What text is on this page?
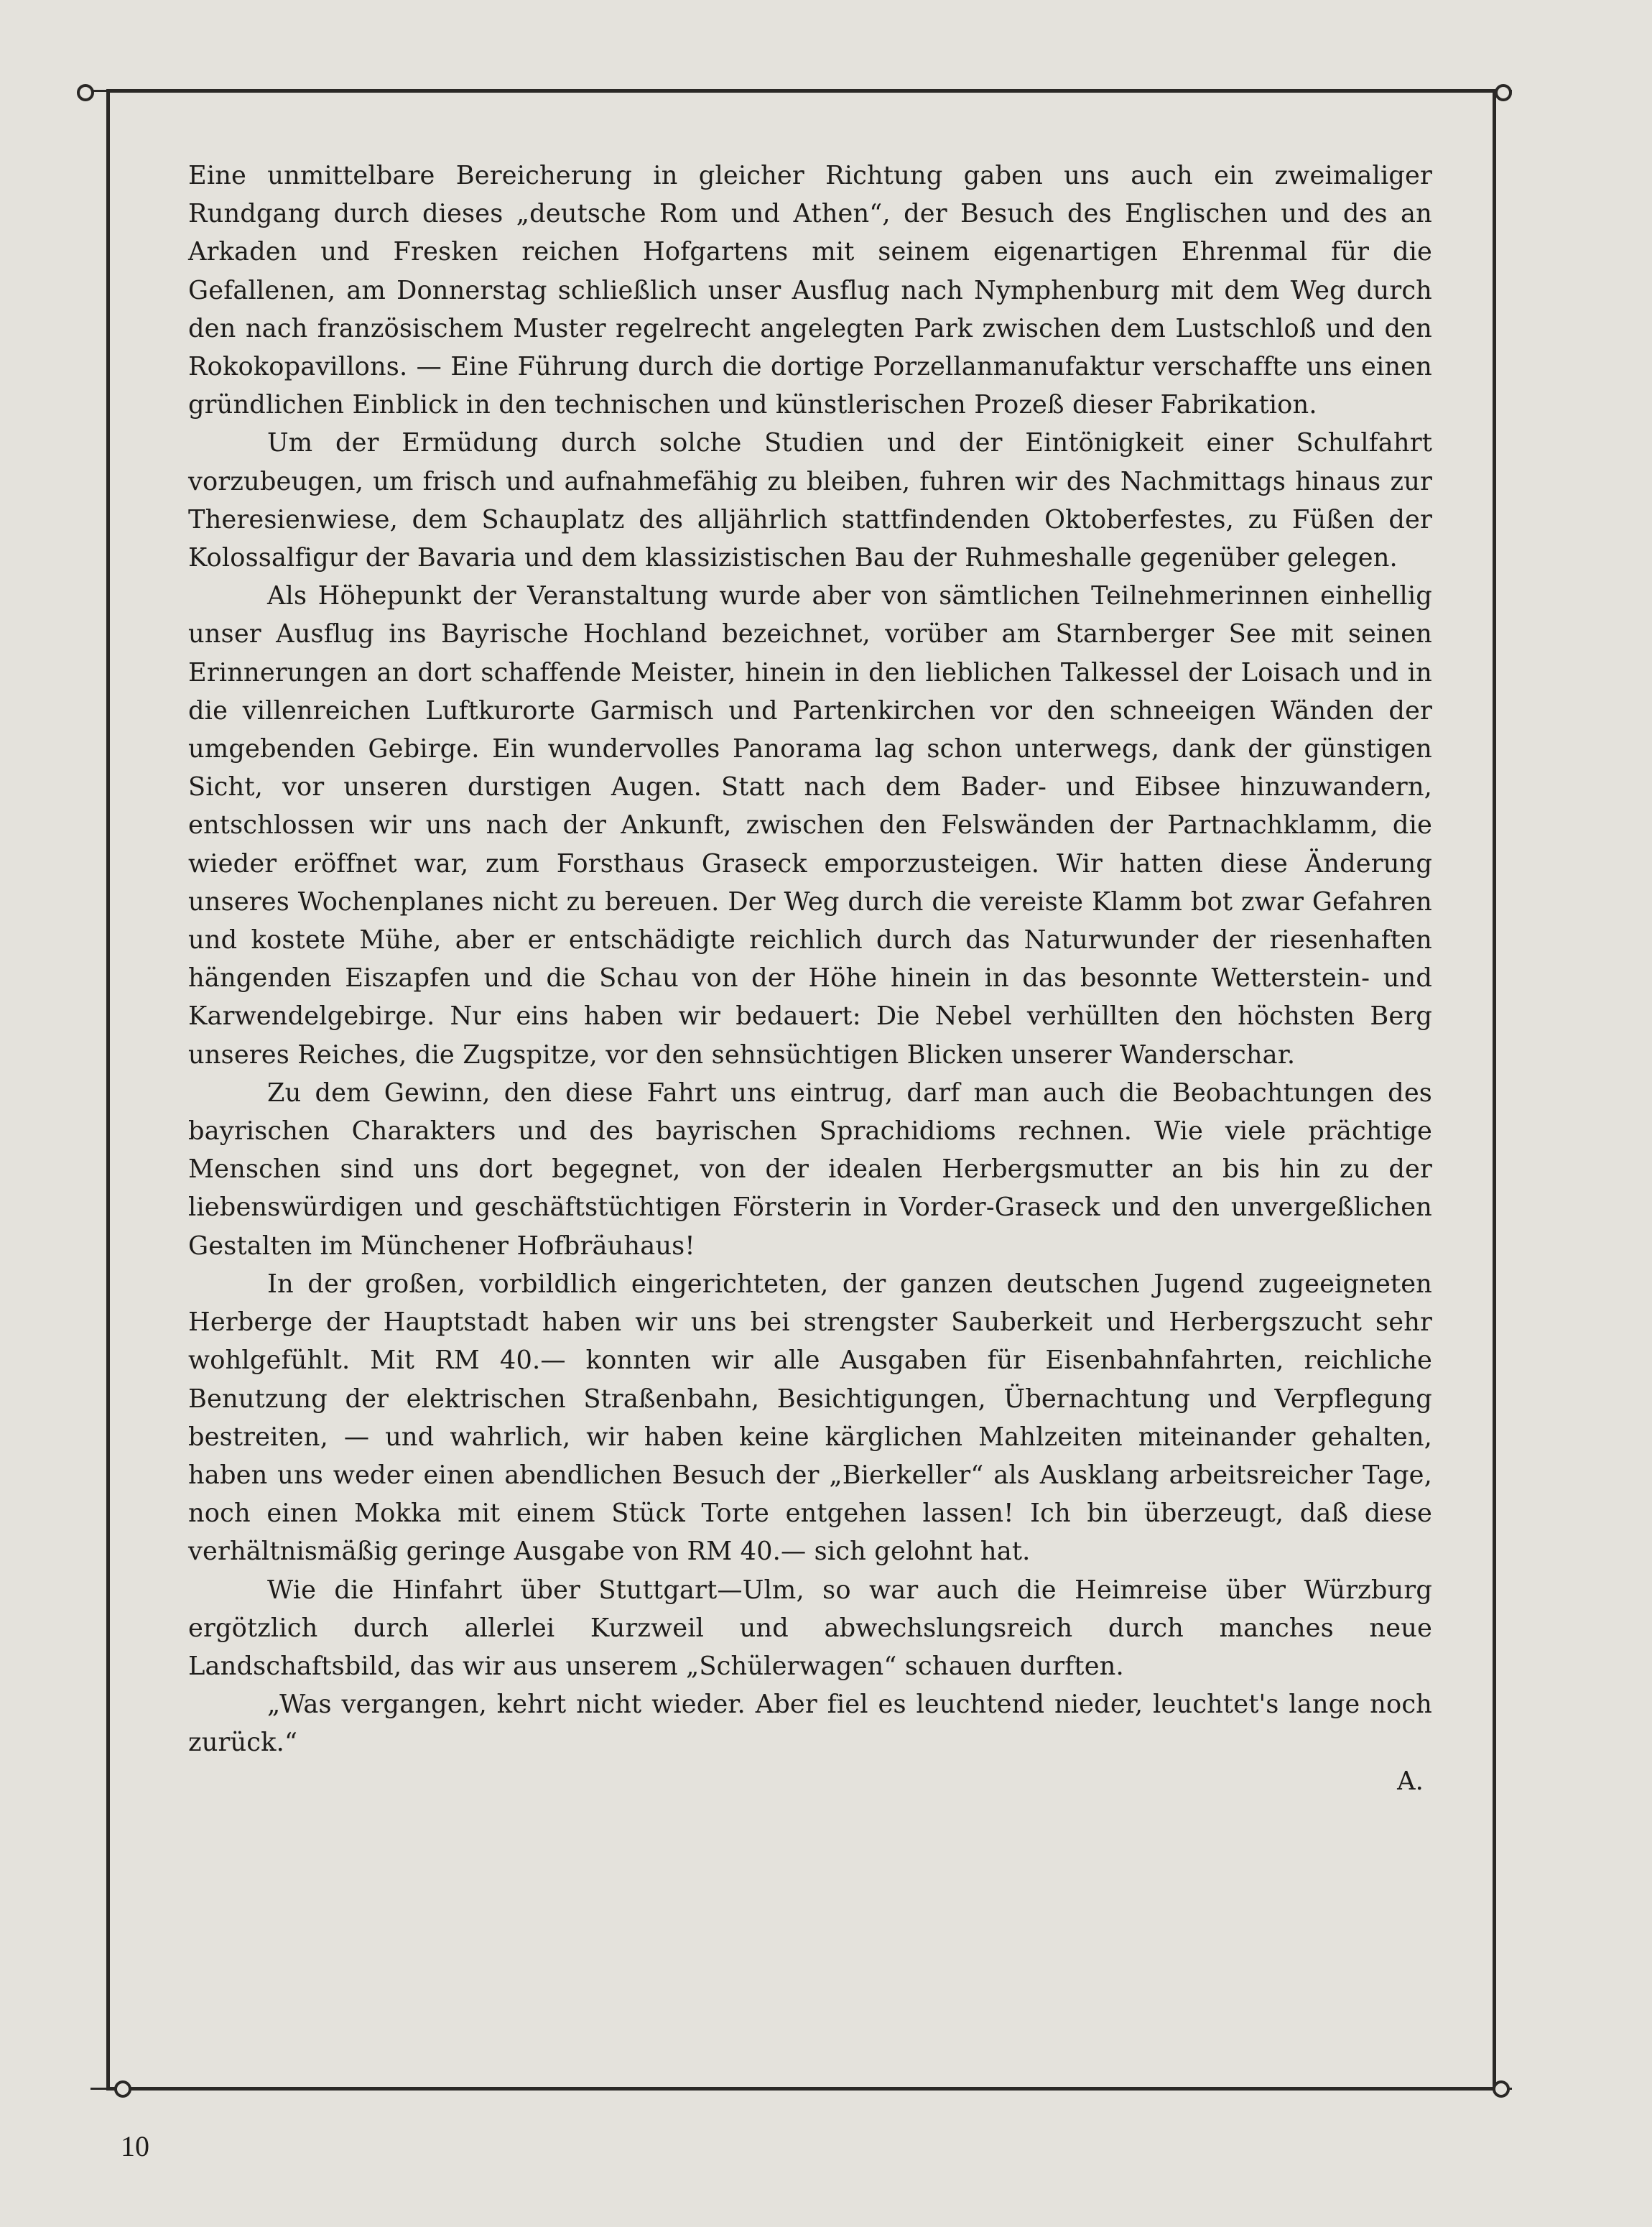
Eine unmittelbare Bereicherung in gleicher Richtung gaben uns auch ein zweimaliger Rundgang durch dieses „deutsche Rom und Athen“, der Besuch des Englischen und des an Arkaden und Fresken reichen Hofgartens mit seinem eigenartigen Ehrenmal für die Gefallenen, am Donnerstag schließlich unser Ausflug nach Nymphenburg mit dem Weg durch den nach französischem Muster regelrecht angelegten Park zwischen dem Lustschloß und den Rokokopavillons. — Eine Führung durch die dortige Porzellanmanufaktur verschaffte uns einen gründlichen Einblick in den technischen und künstlerischen Prozeß dieser Fabrikation.

Um der Ermüdung durch solche Studien und der Eintönigkeit einer Schulfahrt vorzubeugen, um frisch und aufnahmefähig zu bleiben, fuhren wir des Nachmittags hinaus zur Theresienwiese, dem Schauplatz des alljährlich stattfindenden Oktoberfestes, zu Füßen der Kolossalfigur der Bavaria und dem klassizistischen Bau der Ruhmeshalle gegenüber gelegen.

Als Höhepunkt der Veranstaltung wurde aber von sämtlichen Teilnehmerinnen einhellig unser Ausflug ins Bayrische Hochland bezeichnet, vorüber am Starnberger See mit seinen Erinnerungen an dort schaffende Meister, hinein in den lieblichen Talkessel der Loisach und in die villenreichen Luftkurorte Garmisch und Partenkirchen vor den schneeigen Wänden der umgebenden Gebirge. Ein wundervolles Panorama lag schon unterwegs, dank der günstigen Sicht, vor unseren durstigen Augen. Statt nach dem Bader- und Eibsee hinzuwandern, entschlossen wir uns nach der Ankunft, zwischen den Felswänden der Partnachklamm, die wieder eröffnet war, zum Forsthaus Graseck emporzusteigen. Wir hatten diese Änderung unseres Wochenplanes nicht zu bereuen. Der Weg durch die vereiste Klamm bot zwar Gefahren und kostete Mühe, aber er entschädigte reichlich durch das Naturwunder der riesenhaften hängenden Eiszapfen und die Schau von der Höhe hinein in das besonnte Wetterstein- und Karwendelgebirge. Nur eins haben wir bedauert: Die Nebel verhüllten den höchsten Berg unseres Reiches, die Zugspitze, vor den sehnsüchtigen Blicken unserer Wanderschar.

Zu dem Gewinn, den diese Fahrt uns eintrug, darf man auch die Beobachtungen des bayrischen Charakters und des bayrischen Sprachidioms rechnen. Wie viele prächtige Menschen sind uns dort begegnet, von der idealen Herbergsmutter an bis hin zu der liebenswürdigen und geschäftstüchtigen Försterin in Vorder-Graseck und den unvergeßlichen Gestalten im Münchener Hofbräuhaus!

In der großen, vorbildlich eingerichteten, der ganzen deutschen Jugend zugeeigneten Herberge der Hauptstadt haben wir uns bei strengster Sauberkeit und Herbergszucht sehr wohlgefühlt. Mit RM 40.— konnten wir alle Ausgaben für Eisenbahnfahrten, reichliche Benutzung der elektrischen Straßenbahn, Besichtigungen, Übernachtung und Verpflegung bestreiten, — und wahrlich, wir haben keine kärglichen Mahlzeiten miteinander gehalten, haben uns weder einen abendlichen Besuch der „Bierkeller“ als Ausklang arbeitsreicher Tage, noch einen Mokka mit einem Stück Torte entgehen lassen! Ich bin überzeugt, daß diese verhältnismäßig geringe Ausgabe von RM 40.— sich gelohnt hat.

Wie die Hinfahrt über Stuttgart—Ulm, so war auch die Heimreise über Würzburg ergötzlich durch allerlei Kurzweil und abwechslungsreich durch manches neue Landschaftsbild, das wir aus unserem „Schülerwagen“ schauen durften.

„Was vergangen, kehrt nicht wieder. Aber fiel es leuchtend nieder, leuchtet's lange noch zurück.“
A.

10
